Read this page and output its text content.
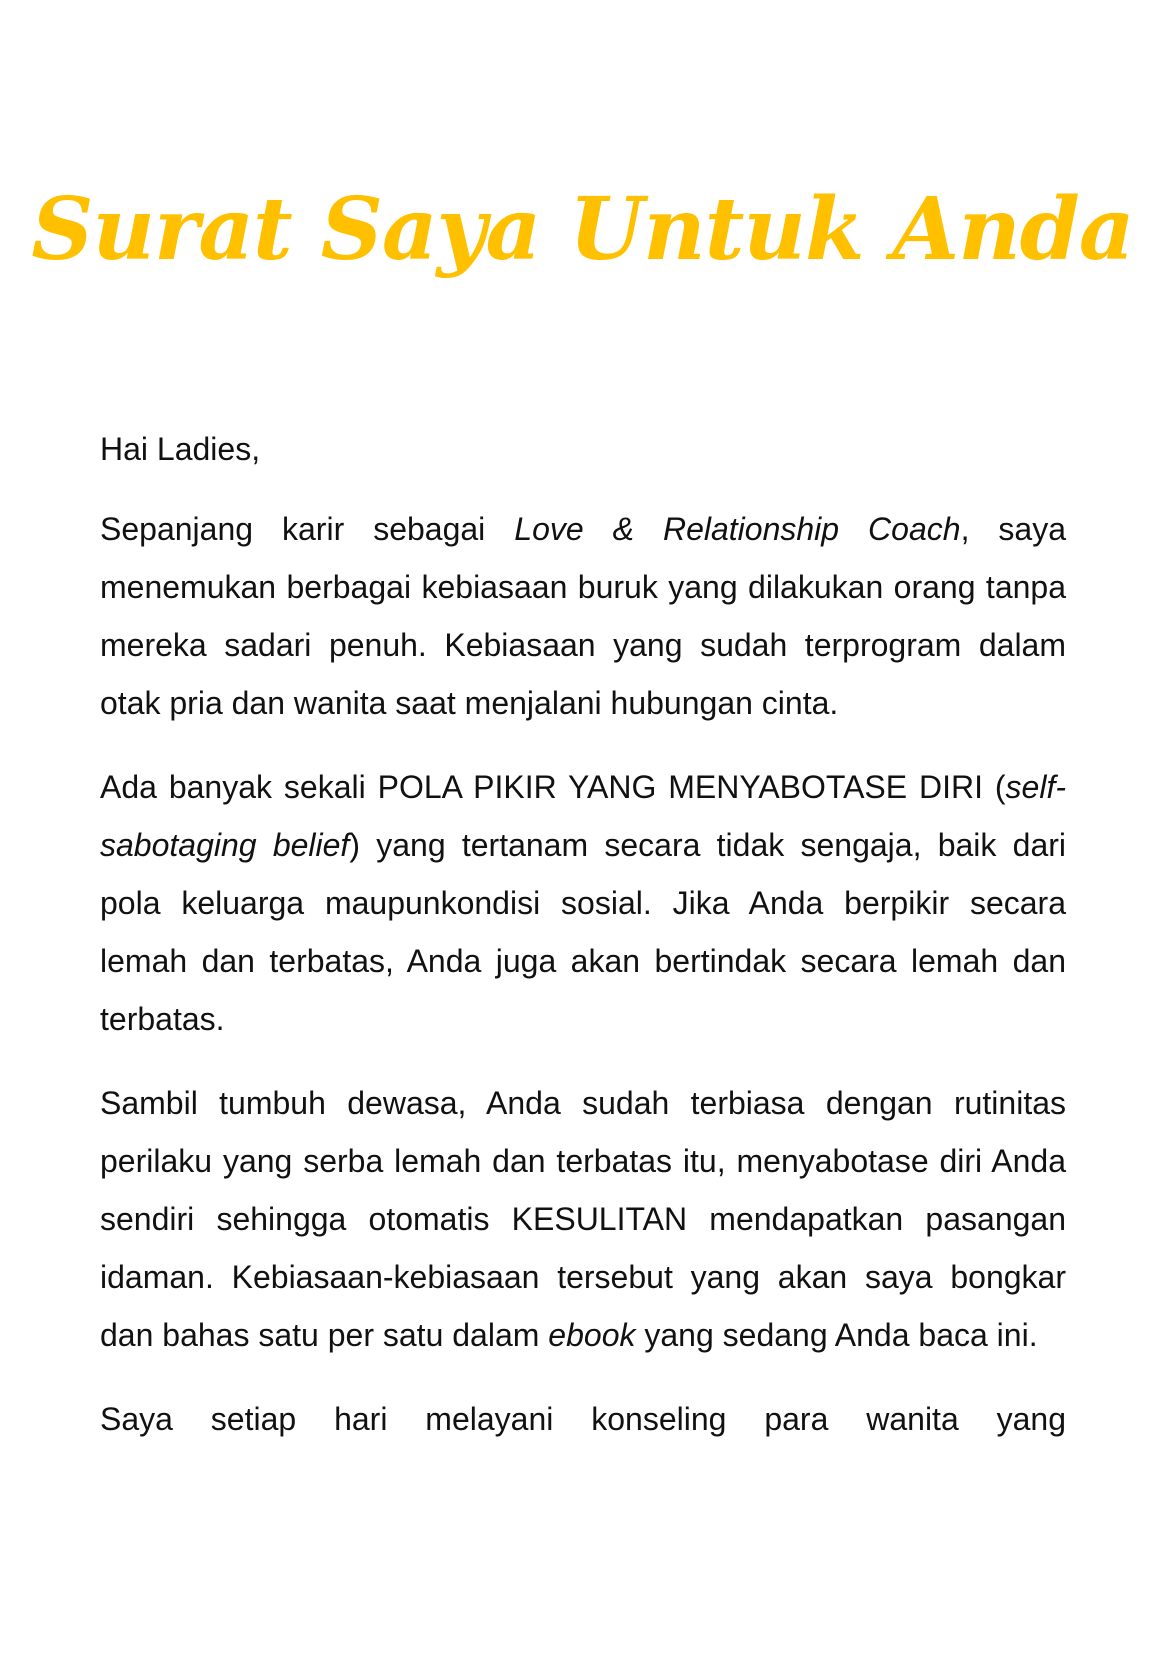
Surat Saya Untuk Anda

Hai Ladies,

Sepanjang karir sebagai Love & Relationship Coach, saya menemukan berbagai kebiasaan buruk yang dilakukan orang tanpa mereka sadari penuh. Kebiasaan yang sudah terprogram dalam otak pria dan wanita saat menjalani hubungan cinta.

Ada banyak sekali POLA PIKIR YANG MENYABOTASE DIRI (self-sabotaging belief) yang tertanam secara tidak sengaja, baik dari pola keluarga maupunkondisi sosial. Jika Anda berpikir secara lemah dan terbatas, Anda juga akan bertindak secara lemah dan terbatas.

Sambil tumbuh dewasa, Anda sudah terbiasa dengan rutinitas perilaku yang serba lemah dan terbatas itu, menyabotase diri Anda sendiri sehingga otomatis KESULITAN mendapatkan pasangan idaman. Kebiasaan-kebiasaan tersebut yang akan saya bongkar dan bahas satu per satu dalam ebook yang sedang Anda baca ini.

Saya setiap hari melayani konseling para wanita yang
